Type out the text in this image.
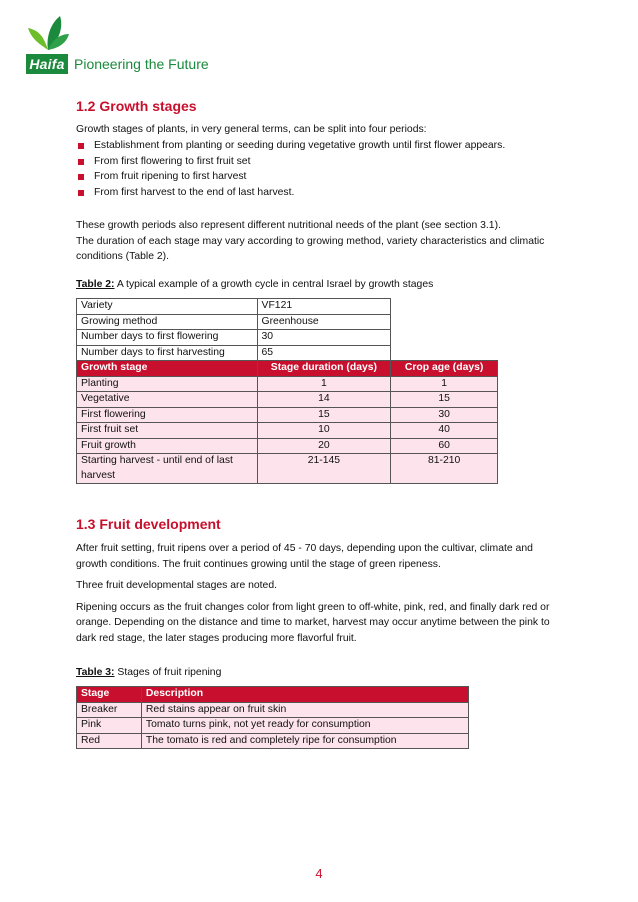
Haifa Pioneering the Future
1.2 Growth stages

Growth stages of plants, in very general terms, can be split into four periods:

Establishment from planting or seeding during vegetative growth until first flower appears.
From first flowering to first fruit set
From fruit ripening to first harvest
From first harvest to the end of last harvest.

These growth periods also represent different nutritional needs of the plant (see section 3.1).

The duration of each stage may vary according to growing method, variety characteristics and climatic conditions (Table 2).

Table 2: A typical example of a growth cycle in central Israel by growth stages
Variety	VF121	
Growing method	Greenhouse	
Number days to first flowering	30	
Number days to first harvesting	65	
Growth stage	Stage duration (days)	Crop age (days)
Planting	1	1
Vegetative	14	15
First flowering	15	30
First fruit set	10	40
Fruit growth	20	60
Starting harvest - until end of last harvest	21-145	81-210
1.3 Fruit development

After fruit setting, fruit ripens over a period of 45 - 70 days, depending upon the cultivar, climate and growth conditions. The fruit continues growing until the stage of green ripeness.

Three fruit developmental stages are noted.

Ripening occurs as the fruit changes color from light green to off-white, pink, red, and finally dark red or orange. Depending on the distance and time to market, harvest may occur anytime between the pink to dark red stage, the later stages producing more flavorful fruit.

Table 3: Stages of fruit ripening
Stage	Description
Breaker	Red stains appear on fruit skin
Pink	Tomato turns pink, not yet ready for consumption
Red	The tomato is red and completely ripe for consumption
4
